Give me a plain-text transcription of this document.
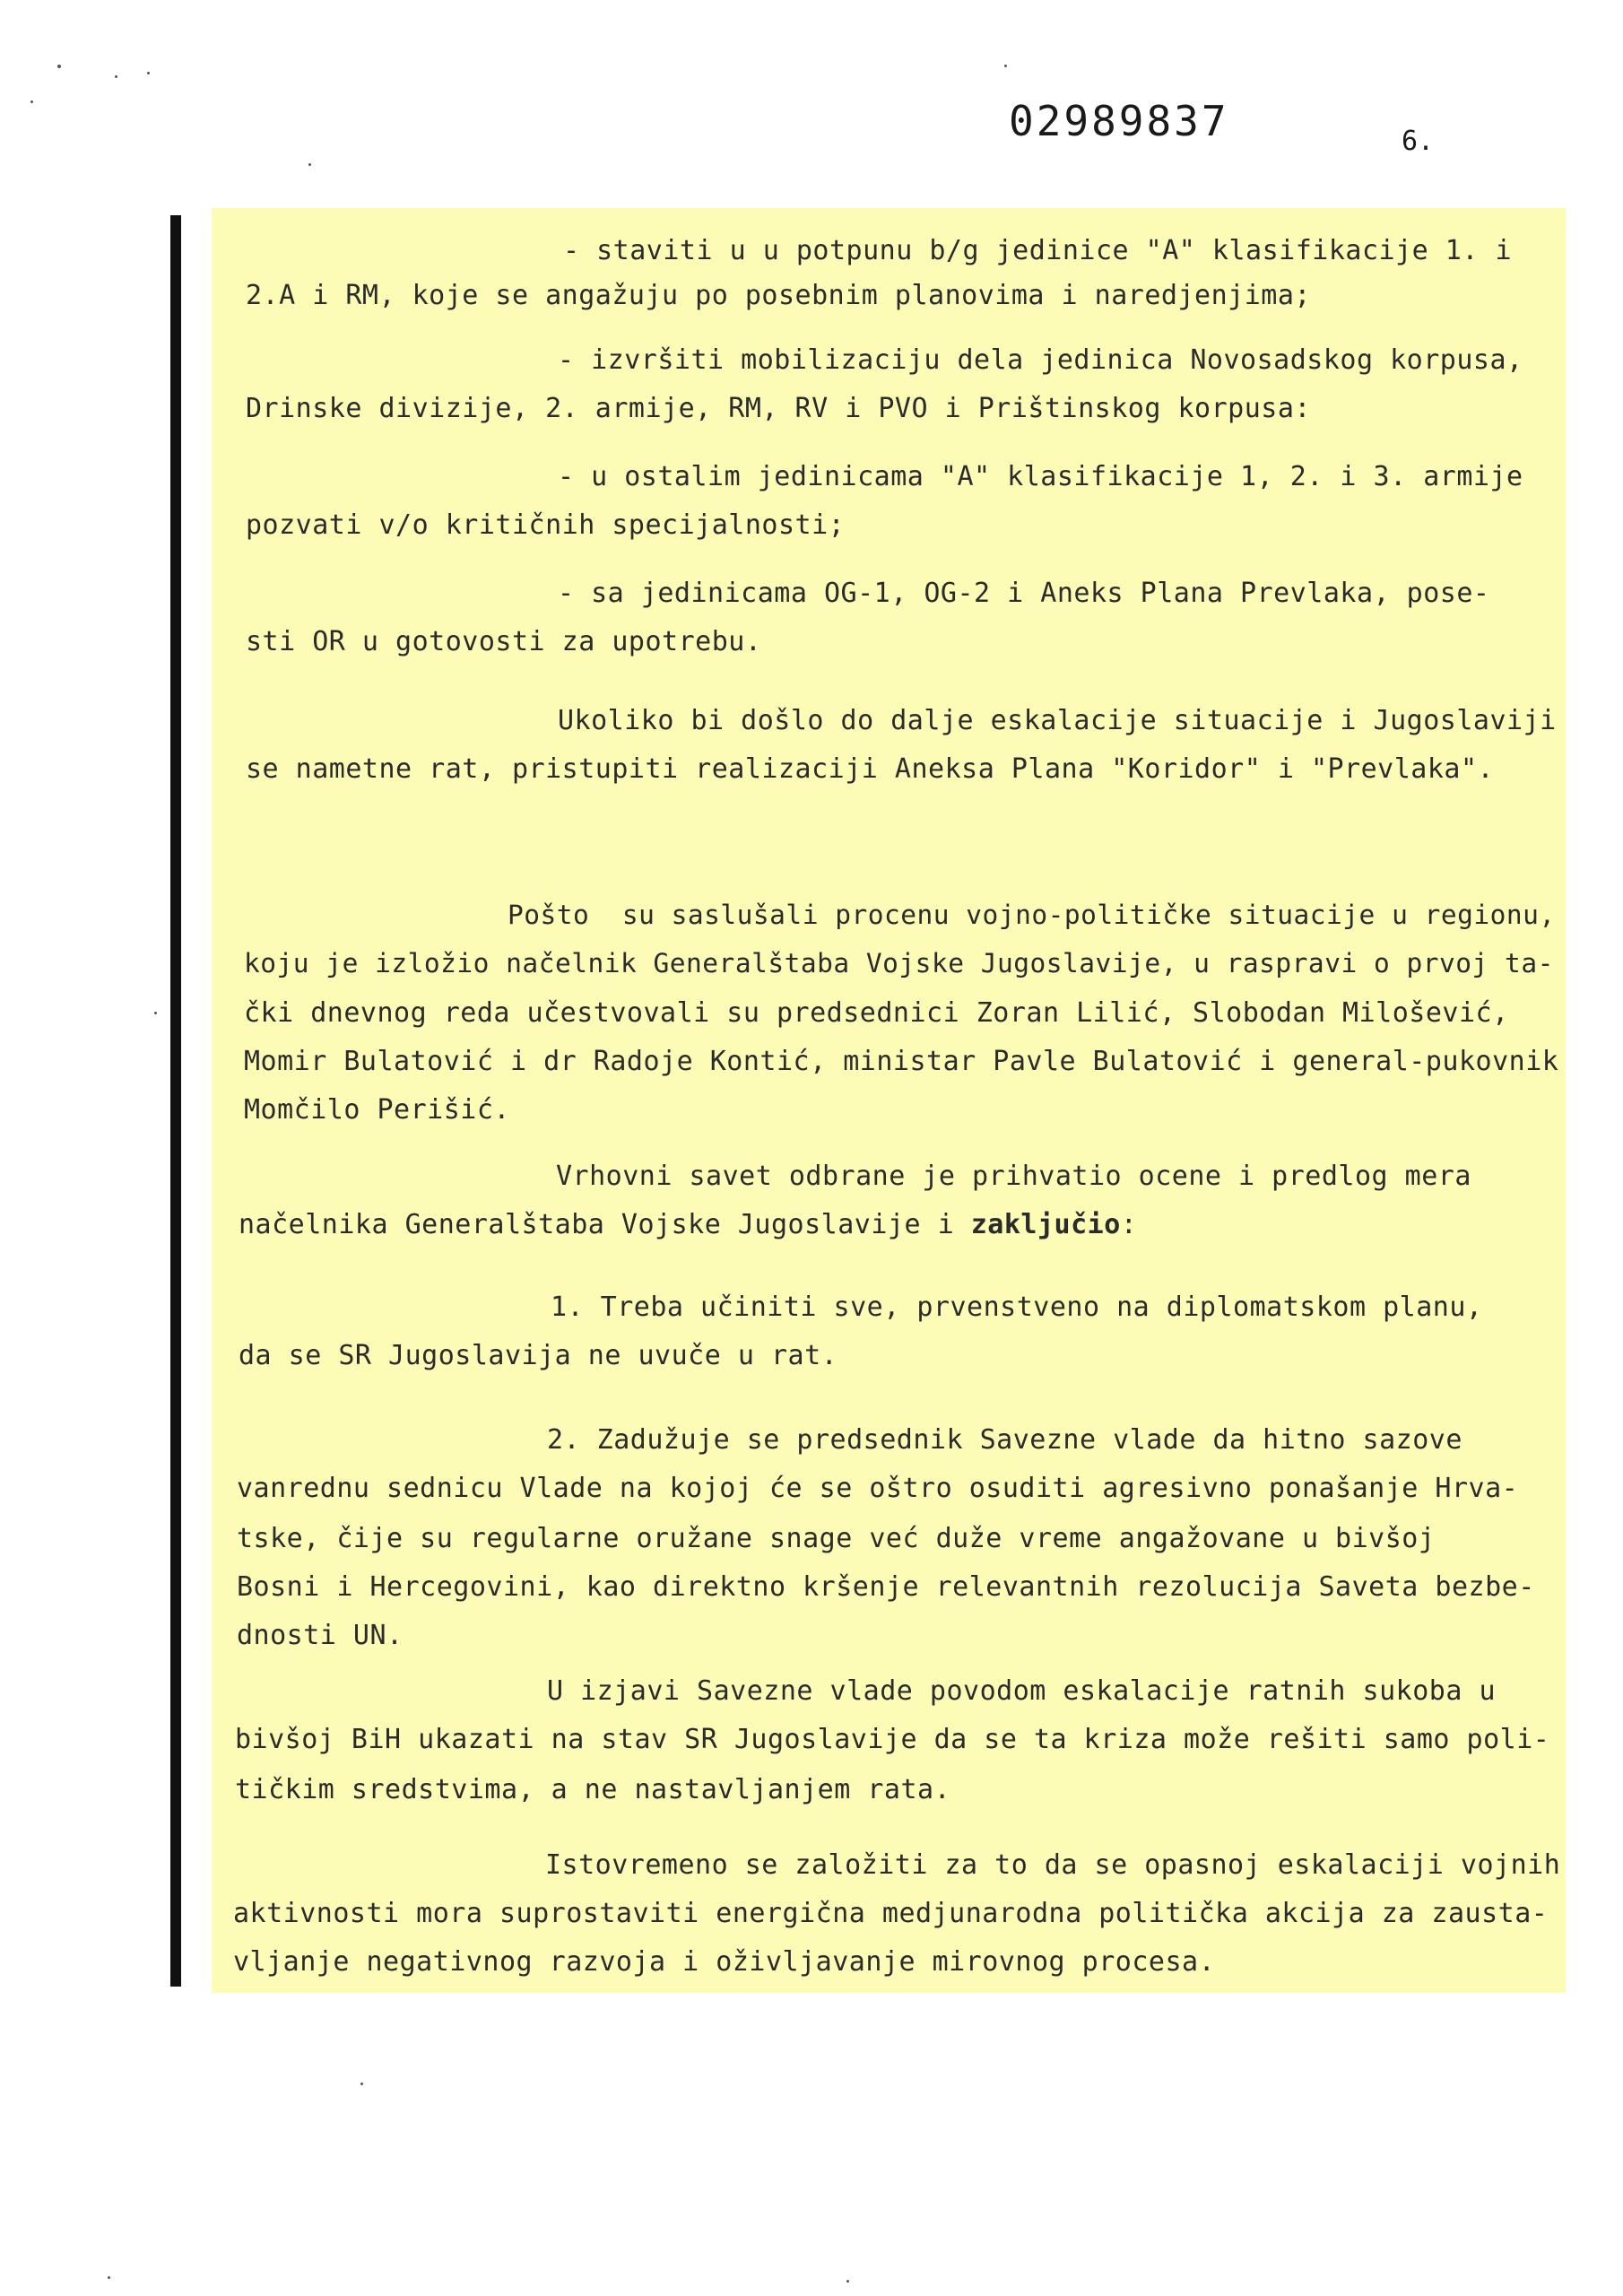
02989837	6.
- staviti u u potpunu b/g jedinice "A" klasifikacije 1. i
2.A i RM, koje se angažuju po posebnim planovima i naredjenjima;
- izvršiti mobilizaciju dela jedinica Novosadskog korpusa,
Drinske divizije, 2. armije, RM, RV i PVO i Prištinskog korpusa:
- u ostalim jedinicama "A" klasifikacije 1, 2. i 3. armije
pozvati v/o kritičnih specijalnosti;
- sa jedinicama OG-1, OG-2 i Aneks Plana Prevlaka, pose-
sti OR u gotovosti za upotrebu.
Ukoliko bi došlo do dalje eskalacije situacije i Jugoslaviji
se nametne rat, pristupiti realizaciji Aneksa Plana "Koridor" i "Prevlaka".
Pošto  su saslušali procenu vojno-političke situacije u regionu,
koju je izložio načelnik Generalštaba Vojske Jugoslavije, u raspravi o prvoj ta-
čki dnevnog reda učestvovali su predsednici Zoran Lilić, Slobodan Milošević,
Momir Bulatović i dr Radoje Kontić, ministar Pavle Bulatović i general-pukovnik
Momčilo Perišić.
Vrhovni savet odbrane je prihvatio ocene i predlog mera
načelnika Generalštaba Vojske Jugoslavije i zaključio:
1. Treba učiniti sve, prvenstveno na diplomatskom planu,
da se SR Jugoslavija ne uvuče u rat.
2. Zadužuje se predsednik Savezne vlade da hitno sazove
vanrednu sednicu Vlade na kojoj će se oštro osuditi agresivno ponašanje Hrva-
tske, čije su regularne oružane snage već duže vreme angažovane u bivšoj
Bosni i Hercegovini, kao direktno kršenje relevantnih rezolucija Saveta bezbe-
dnosti UN.
U izjavi Savezne vlade povodom eskalacije ratnih sukoba u
bivšoj BiH ukazati na stav SR Jugoslavije da se ta kriza može rešiti samo poli-
tičkim sredstvima, a ne nastavljanjem rata.
Istovremeno se založiti za to da se opasnoj eskalaciji vojnih
aktivnosti mora suprostaviti energična medjunarodna politička akcija za zausta-
vljanje negativnog razvoja i oživljavanje mirovnog procesa.
